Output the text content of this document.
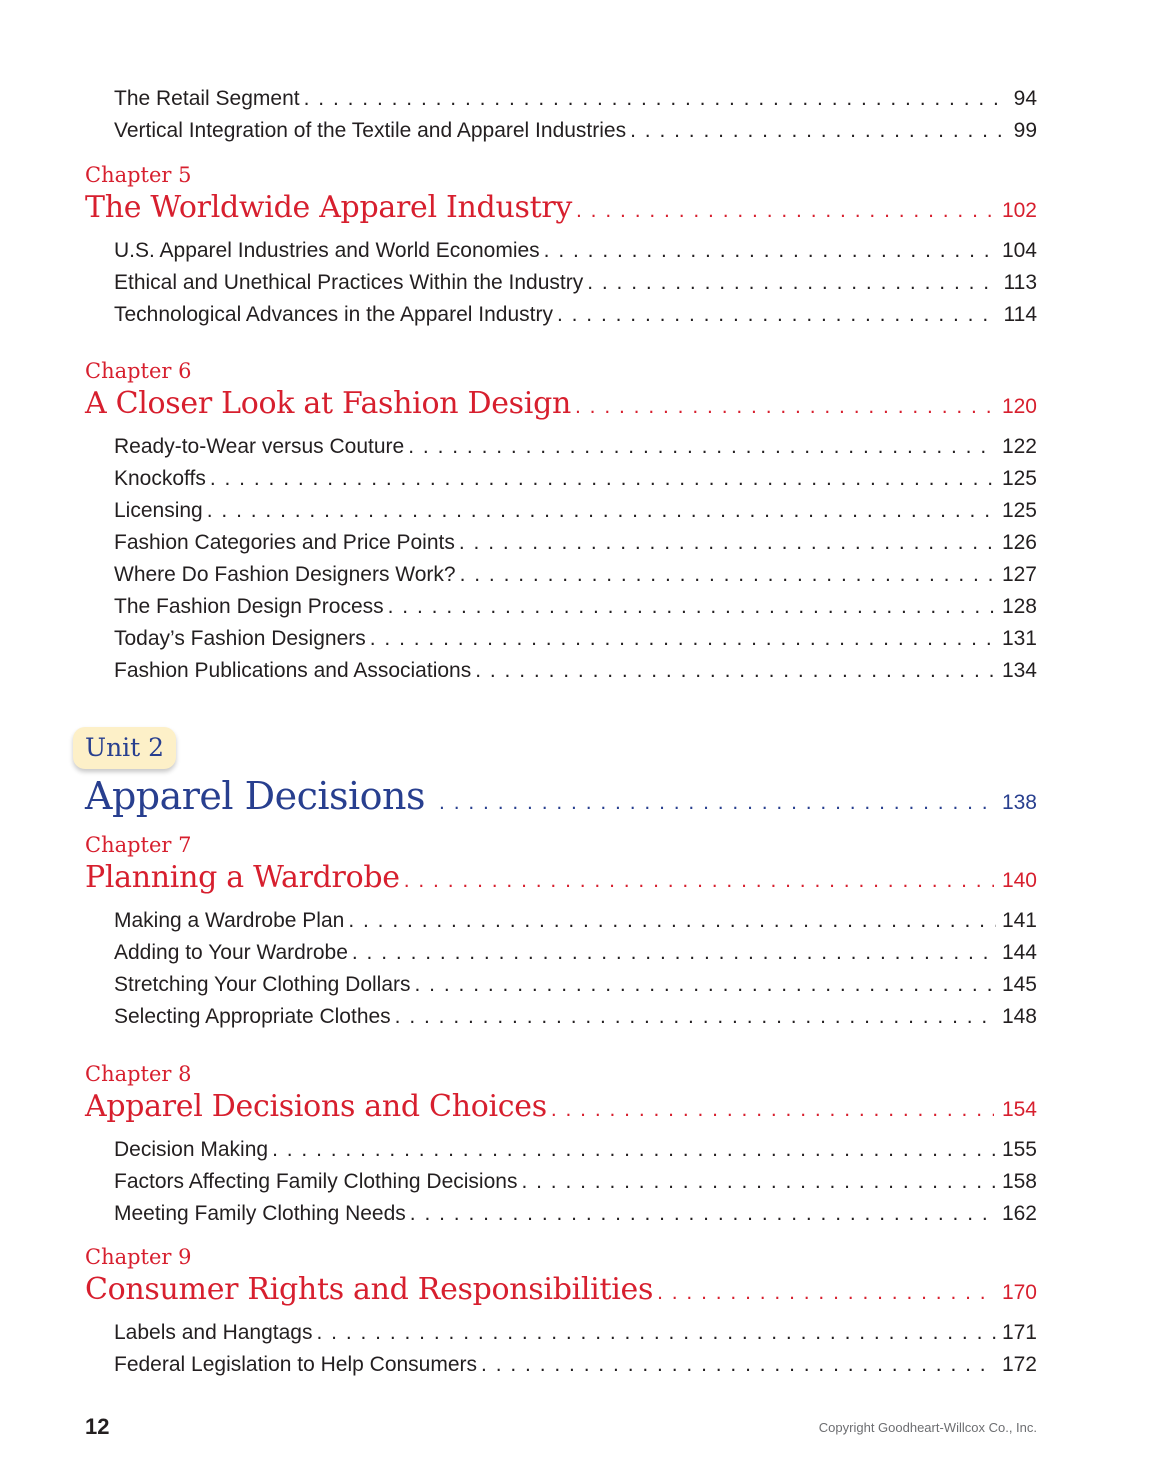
The Retail Segment . . .	94
Vertical Integration of the Textile and Apparel Industries . . .	99
Chapter 5
The Worldwide Apparel Industry . . .	102
U.S. Apparel Industries and World Economies . . .	104
Ethical and Unethical Practices Within the Industry . . .	113
Technological Advances in the Apparel Industry . . .	114
Chapter 6
A Closer Look at Fashion Design . . .	120
Ready-to-Wear versus Couture . . .	122
Knockoffs . . .	125
Licensing . . .	125
Fashion Categories and Price Points . . .	126
Where Do Fashion Designers Work? . . .	127
The Fashion Design Process . . .	128
Today’s Fashion Designers . . .	131
Fashion Publications and Associations . . .	134
Unit 2
Apparel Decisions . . .	138
Chapter 7
Planning a Wardrobe . . .	140
Making a Wardrobe Plan . . .	141
Adding to Your Wardrobe . . .	144
Stretching Your Clothing Dollars . . .	145
Selecting Appropriate Clothes . . .	148
Chapter 8
Apparel Decisions and Choices . . .	154
Decision Making . . .	155
Factors Affecting Family Clothing Decisions . . .	158
Meeting Family Clothing Needs . . .	162
Chapter 9
Consumer Rights and Responsibilities . . .	170
Labels and Hangtags . . .	171
Federal Legislation to Help Consumers . . .	172
12	Copyright Goodheart-Willcox Co., Inc.
